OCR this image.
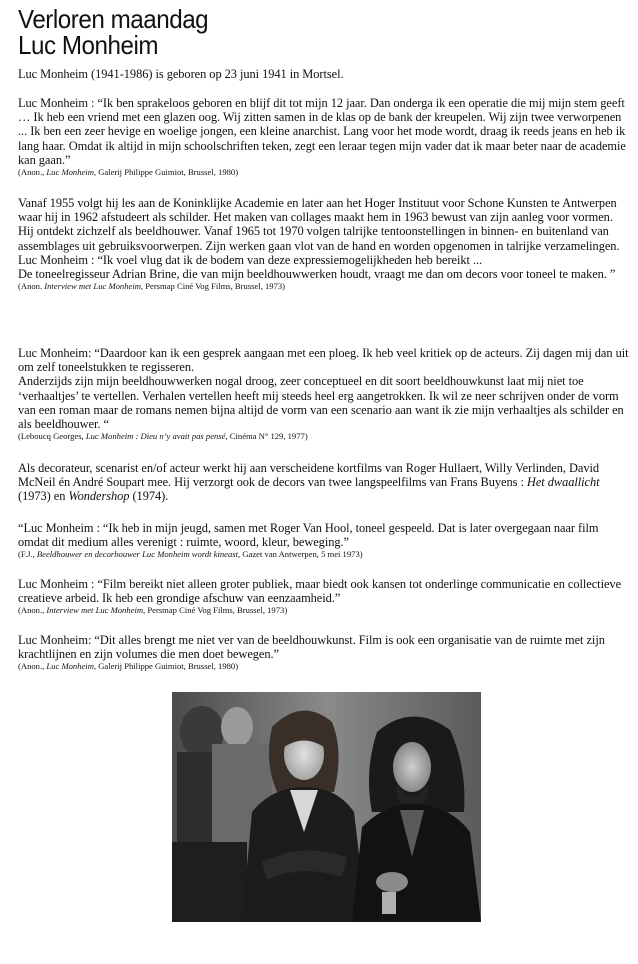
Verloren maandag
Luc Monheim

Luc Monheim (1941-1986) is geboren op 23 juni 1941 in Mortsel.

Luc Monheim : “Ik ben sprakeloos geboren en blijf dit tot mijn 12 jaar. Dan onderga ik een operatie die mij mijn stem geeft … Ik heb een vriend met een glazen oog. Wij zitten samen in de klas op de bank der kreupelen. Wij zijn twee verworpenen ... Ik ben een zeer hevige en woelige jongen, een kleine anarchist. Lang voor het mode wordt, draag ik reeds jeans en heb ik lang haar. Omdat ik altijd in mijn schoolschriften teken, zegt een leraar tegen mijn vader dat ik maar beter naar de academie kan gaan.”
(Anon., Luc Monheim, Galerij Philippe Guimiot, Brussel, 1980)

Vanaf 1955 volgt hij les aan de Koninklijke Academie en later aan het Hoger Instituut voor Schone Kunsten te Antwerpen waar hij in 1962 afstudeert als schilder. Het maken van collages maakt hem in 1963 bewust van zijn aanleg voor vormen. Hij ontdekt zichzelf als beeldhouwer. Vanaf 1965 tot 1970 volgen talrijke tentoonstellingen in binnen- en buitenland van assemblages uit gebruiksvoorwerpen. Zijn werken gaan vlot van de hand en worden opgenomen in talrijke verzamelingen.
Luc Monheim : “Ik voel vlug dat ik de bodem van deze expressiemogelijkheden heb bereikt ...
De toneelregisseur Adrian Brine, die van mijn beeldhouwwerken houdt, vraagt me dan om decors voor toneel te maken. ”
(Anon. Interview met Luc Monheim, Persmap Ciné Vog Films, Brussel, 1973)

Luc Monheim: “Daardoor kan ik een gesprek aangaan met een ploeg. Ik heb veel kritiek op de acteurs. Zij dagen mij dan uit om zelf toneelstukken te regisseren.
Anderzijds zijn mijn beeldhouwwerken nogal droog, zeer conceptueel en dit soort beeldhouwkunst laat mij niet toe ‘verhaaltjes’ te vertellen. Verhalen vertellen heeft mij steeds heel erg aangetrokken. Ik wil ze neer schrijven onder de vorm van een roman maar de romans nemen bijna altijd de vorm van een scenario aan want ik zie mijn verhaaltjes als schilder en als beeldhouwer. “
(Leboucq Georges, Luc Monheim : Dieu n’y avait pas pensé, Cinéma N° 129, 1977)

Als decorateur, scenarist en/of acteur werkt hij aan verscheidene kortfilms van Roger Hullaert, Willy Verlinden, David McNeil én André Soupart mee. Hij verzorgt ook de decors van twee langspeelfilms van Frans Buyens : Het dwaallicht (1973) en Wondershop (1974).

“Luc Monheim : “Ik heb in mijn jeugd, samen met Roger Van Hool, toneel gespeeld. Dat is later overgegaan naar film omdat dit medium alles verenigt : ruimte, woord, kleur, beweging.”
(F.J., Beeldhouwer en decorbouwer Luc Monheim wordt kineast, Gazet van Antwerpen, 5 mei 1973)

Luc Monheim : “Film bereikt niet alleen groter publiek, maar biedt ook kansen tot onderlinge communicatie en collectieve creatieve arbeid. Ik heb een grondige afschuw van eenzaamheid.”
(Anon., Interview met Luc Monheim, Persmap Ciné Vog Films, Brussel, 1973)

Luc Monheim: “Dit alles brengt me niet ver van de beeldhouwkunst. Film is ook een organisatie van de ruimte met zijn krachtlijnen en zijn volumes die men doet bewegen.”
(Anon., Luc Monheim, Galerij Philippe Guimiot, Brussel, 1980)
